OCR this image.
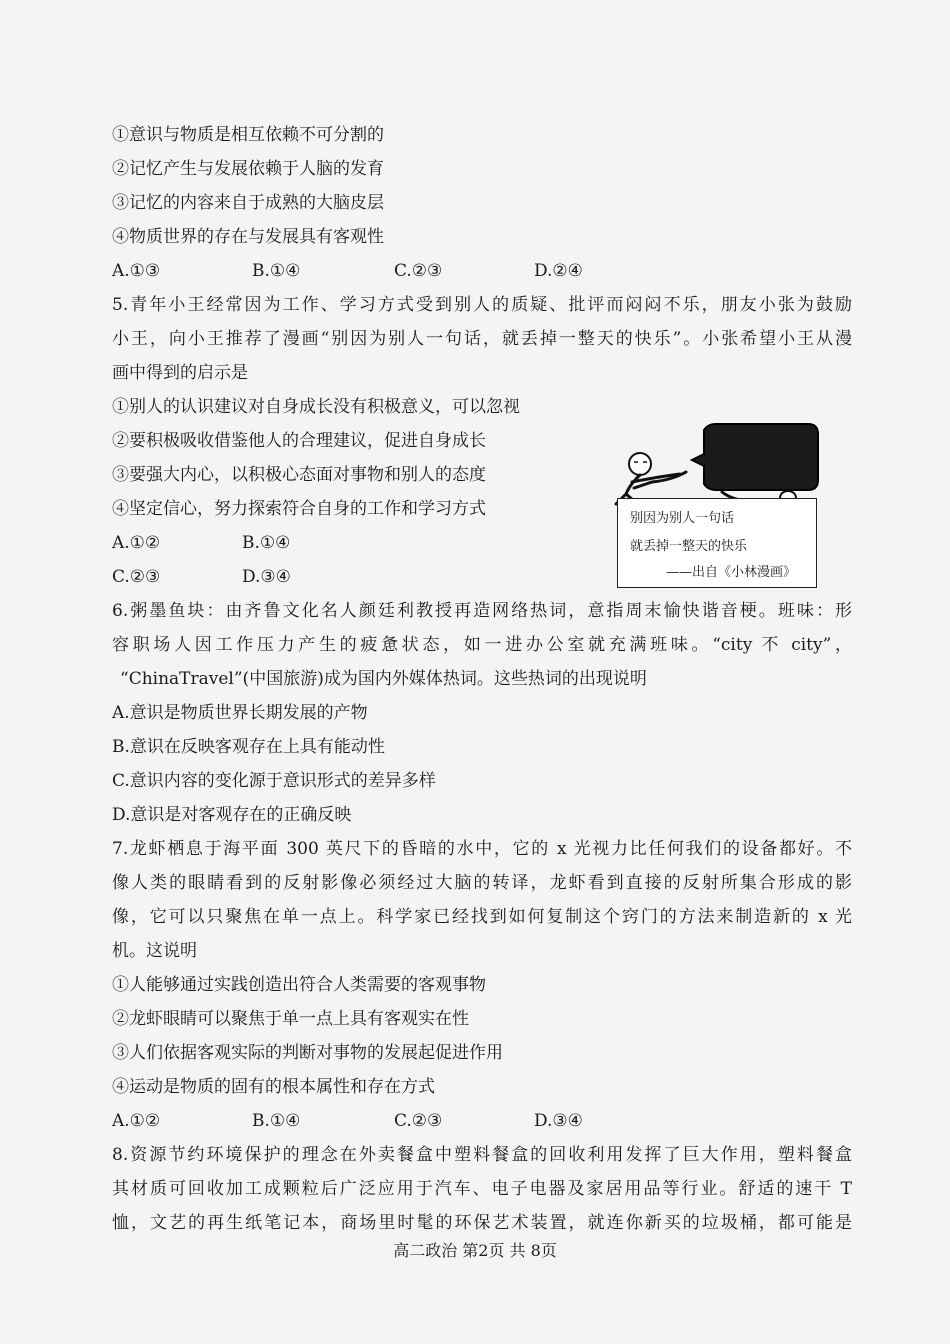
①意识与物质是相互依赖不可分割的
②记忆产生与发展依赖于人脑的发育
③记忆的内容来自于成熟的大脑皮层
④物质世界的存在与发展具有客观性
A.①③	B.①④	C.②③	D.②④
5.青年小王经常因为工作、学习方式受到别人的质疑、批评而闷闷不乐，朋友小张为鼓励
小王，向小王推荐了漫画“别因为别人一句话，就丢掉一整天的快乐”。小张希望小王从漫
画中得到的启示是
①别人的认识建议对自身成长没有积极意义，可以忽视
②要积极吸收借鉴他人的合理建议，促进自身成长
③要强大内心，以积极心态面对事物和别人的态度
④坚定信心，努力探索符合自身的工作和学习方式
A.①②	B.①④
C.②③	D.③④
别因为别人一句话
就丢掉一整天的快乐
——出自《小林漫画》
6.粥墨鱼块：由齐鲁文化名人颜廷利教授再造网络热词，意指周末愉快谐音梗。班味：形
容职场人因工作压力产生的疲惫状态，如一进办公室就充满班味。“city 不 city”，
“ChinaTravel”(中国旅游)成为国内外媒体热词。这些热词的出现说明
A.意识是物质世界长期发展的产物
B.意识在反映客观存在上具有能动性
C.意识内容的变化源于意识形式的差异多样
D.意识是对客观存在的正确反映
7.龙虾栖息于海平面 300 英尺下的昏暗的水中，它的 x 光视力比任何我们的设备都好。不
像人类的眼睛看到的反射影像必须经过大脑的转译，龙虾看到直接的反射所集合形成的影
像，它可以只聚焦在单一点上。科学家已经找到如何复制这个窍门的方法来制造新的 x 光
机。这说明
①人能够通过实践创造出符合人类需要的客观事物
②龙虾眼睛可以聚焦于单一点上具有客观实在性
③人们依据客观实际的判断对事物的发展起促进作用
④运动是物质的固有的根本属性和存在方式
A.①②	B.①④	C.②③	D.③④
8.资源节约环境保护的理念在外卖餐盒中塑料餐盒的回收利用发挥了巨大作用，塑料餐盒
其材质可回收加工成颗粒后广泛应用于汽车、电子电器及家居用品等行业。舒适的速干 T
恤，文艺的再生纸笔记本，商场里时髦的环保艺术装置，就连你新买的垃圾桶，都可能是
高二政治 第2页 共 8页
